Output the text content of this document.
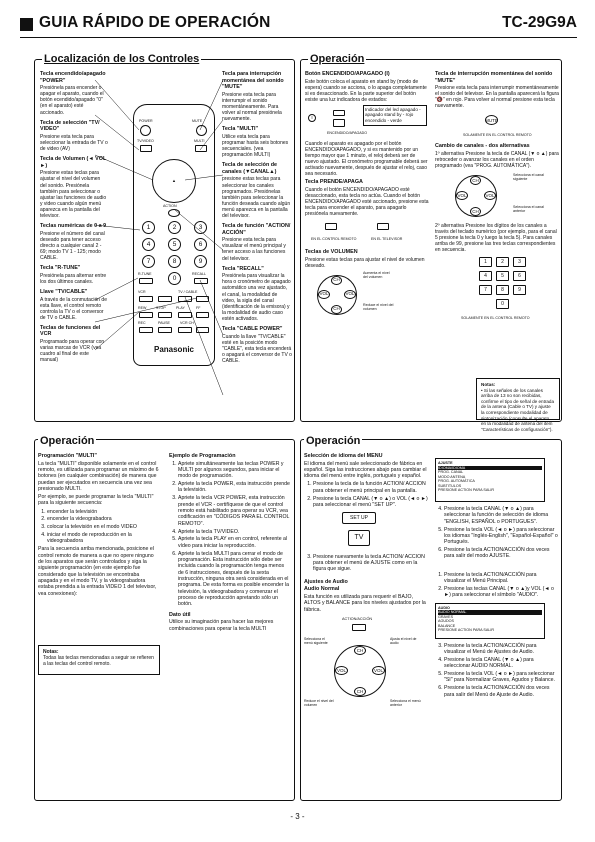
GUIA RÁPIDO DE OPERACIÓN	TC-29G9A
Localización de los Controles
Tecla encendido/apagado "POWER"

Presiónela para encender o apagar el aparato, cuando el botón ecendido/apagado "0" (en el aparato) esté accionado.

Tecla de selección "TV/ VIDEO"

Presione esta tecla para seleccionar la entrada de TV o de video (AV)

Tecla de Volumen (◄ VOL ►)

Presione estas teclas para ajustar el nivel del volumen del sonido. Presiónela también para seleccionar o ajustar las funciones de audio y video cuando algún menú aparezca en la pantalla del televisor.

Teclas numéricas de 0 a 9

Presione el número del canal deseado para tener acceso directo a cualquier canal 2 - 69; modo TV 1 - 125; modo CABLE.

Tecla "R-TUNE"

Presiónela para alternar entre los dos últimos canales.

Llave "TV/CABLE"

A través de la conmutación de esta llave, el control remoto controla la TV o el conversor de TV o CABLE.

Teclas de funciones del VCR

Programado para operar con varias marcas de VCR (vea cuadro al final de este manual)

Tecla para interrupción momentánea del sonido "MUTE"

Presione esta tecla para interrumpir el sonido momentáneamente. Para volver al normal presiónela nuevamente.

Tecla "MULTI"

Utilice esta tecla para programar hasta seis botones secuenciales. (vea programación MULTI)

Tecla de selección de canales (▼CANAL▲)

presione estas teclas para seleccionar los canales programados. Presiónelas también para seleccionar la función deseada cuando algún menú aparezca en la pantalla del televisor.

Tecla de función "ACTION/ ACCIÓN"

Presione esta tecla para visualizar el menú principal y tener acceso a las funciones del televisor.

Tecla "RECALL"

Presiónela para visualizar la hora o cronómetro de apagado automático una vez ajustado, el canal, la modalidad de video, la sigla del canal (identificación de la emisora) y la modalidad de audio caso estén activados.

Tecla "CABLE POWER"

Cuando la llave "TV/CABLE" esté en la posición modo "CABLE", esta tecla encenderá o apagará el conversor de TV o CABLE.

POWER	MUTE
TV/VIDEO	MULTI
▲
ACTION
1	2	3
4	5	6
7	8	9
0
R-TUNE	RECALL
VCR	TV / CABLE
REW	STOP	PLAY	FF
REC	PAUSE	VCR CH
Panasonic
Operación
Botón ENCENDIDO/APAGADO (I)

Este botón coloca el aparato en stand by (modo de espera) cuando se acciona, o lo apaga completamente si es desaccionado. En la parte superior del botón existe una luz indicadora de estados:

I
Indicador del led apagado - apagado stand by - rojo encendido - verde
ENCENDIDO/APAGADO

Cuando el aparato es apagado por el botón ENCENDIDO/APAGADO, y si es mantenido por un tiempo mayor que 1 minuto, el reloj deberá ser de nuevo ajustado. El cronómetro programable deberá ser activado nuevamente, después de ajustar el reloj, caso sea necesario.

Tecla PRENDE/APAGA

Cuando el botón ENCENDIDO/APAGADO esté desaccionado, esta tecla no actúa. Cuando el botón ENCENDIDO/APAGADO esté accionado, presione esta tecla para encender el aparato, para apagarlo presiónela nuevamente.

EN EL CONTROL REMOTO	EN EL TELEVISOR
Teclas de VOLUMEN

Presione estas teclas para ajustar el nivel de volumen deseado.

CH
CH
VOL	VOL
Aumenta el nivel del volumen
Reduce el nivel del volumen
Tecla de interrupción momentánea del sonido "MUTE"

Presione esta tecla para interrumpir momentáneamente el sonido del televisor. En la pantalla aparecerá la figura "🔇" en rojo. Para volver al normal presione esta tecla nuevamente.

MUTE
SOLAMENTE EN EL CONTROL REMOTO
Cambio de canales - dos alternativas

1º alternativa Presione la tecla de CANAL (▼ o ▲) para retroceder o avanzar los canales en el orden programado (vea "PROG. AUTOMÁTICA").

CH
CH
VOL	VOL
Selecciona el canal siguiente
Selecciona el canal anterior

2º alternativa Presione los dígitos de los canales a través del teclado numérico (por ejemplo, para el canal 5 presione la tecla 0 y luego la tecla 5). Para canales arriba de 99, presione las tres teclas correspondientes en secuencia.

1	2	3
4	5	6
7	8	9
0
SOLAMENTE EN EL CONTROL REMOTO
Notas:
• Si las señales de los canales arriba de 13 no son recibidas, confirme el tipo de señal de entrada de la antena (Cable o TV) y ajuste la correspondiente modalidad de sintonización (consulte el aparato en la modalidad de antena del item "Características de configuración").
Operación
Programación "MULTI"

La tecla "MULTI" disponible solamente en el control remoto, es utilizada para programar un máximo de 6 botones (en cualquier combinación) de manera que puedan ser ejecutados en secuencia una vez sea presionado MULTI.

Por ejemplo, se puede programar la tecla "MULTI" para la siguiente secuencia:

1. encender la televisión
2. encender la videograbadora
3. colocar la televisión en el modo VIDEO
4. iniciar el modo de reproducción en la videograbadora

Para la secuencia arriba mencionada, posicione el control remoto de manera a que no opere ninguno de los aparatos que serán controlados y siga la siguiente programación (en este ejemplo fue considerado que la televisión se encontraba apagada y en el modo TV, y la videograbadora estaba prendida a la entrada VIDEO 1 del televisor, vea conexiones):

Notas:
Todas las teclas mencionadas a seguir se refieren a las teclas del control remoto.
Ejemplo de Programación
1. Apriete simultáneamente las teclas POWER y MULTI por algunos segundos, para iniciar el modo de programación.
2. Apriete la tecla POWER, esta instrucción prende la televisión.
3. Apriete la tecla VCR POWER, esta instrucción prende el VCR - certifíquese de que el control remoto está habilitado para operar su VCR, vea codificación en "CÓDIGOS PARA EL CONTROL REMOTO".
4. Apriete la tecla TV/VIDEO.
5. Apriete la tecla PLAY en en control, referente al vídeo para iniciar la reproducción.
6. Apriete la tecla MULTI para cerrar el modo de programación. Esta instrucción sólo debe ser incluida cuando la programación tenga menos de 6 instrucciones, después de la sexta instrucción, ninguna otra será considerada en el programa. De esta forma es posible encender la televisión, la videograbadora y comenzar el proceso de reproducción apretando sólo un botón.
Dato útil

Utilice su imaginación para hacer las mejores combinaciones para operar la tecla MULTI

Operación
Selección de idioma del MENU

El idioma del menú sale seleccionado de fábrica en español. Siga las instrucciones abajo para cambiar el idioma del menú entre inglés, portugués y español.

1. Presione la tecla de la función ACTION/ ACCION para obtener el menú principal en la pantalla.
2. Presione la tecla CANAL (▼ o ▲) o VOL (◄ o ►) para seleccionar el menú "SET UP".
SET UP
TV
3. Presione nuevamente la tecla ACTION/ ACCION para obtener el menú de AJUSTE como en la figura que sigue.
Ajustes de Audio
Audio Normal

Esta función es utilizada para requerir el BAJO, ALTOS y BALANCE para los niveles ajustados por la fábrica.

ACTION/ACCIÓN
CH
CH
VOL	VOL
Selecciona el menú siguiente
Ajusta el nivel de audio
Reduce el nivel del volumen
Selecciona el menú anterior
AJUSTE
IDIOMA/IDIOMA
PROG. CANAL
MODO ANTENA
PROG. AUTOMÁTICA
SUBTITULOS
PRESIONE ACTION PARA SALIR
4. Presione la tecla CANAL (▼ o ▲) para seleccionar la función de selección de idioma "ENGLISH, ESPAÑOL o PORTUGUES".
5. Presione la tecla VOL (◄ o ►) para seleccionar los idiomas "Inglés-English", "Español-Español" o Portugués.
6. Presione la tecla ACTION/ACCIÓN dos veces para salir del modo AJUSTE.
1. Presione la tecla ACTION/ACCIÓN para visualizar el Menú Principal.
2. Presione las teclas CANAL (▼ o ▲)y VOL (◄ o ►) para seleccionar el símbolo "AUDIO".
AUDIO
AUDIO NORMAL
GRAVES
AGUDOS
BALANCE
PRESIONE ACTION PARA SALIR
3. Presione la tecla ACTION/ACCIÓN para visualizar el Menú de Ajustes de Audio.
4. Presione la tecla CANAL (▼ o ▲) para seleccionar AUDIO NORMAL.
5. Presione la tecla VOL (◄ o ►) para seleccionar "SI" para Normalizar Graves, Agudos y Balance.
6. Presione la tecla ACTION/ACCIÓN dos veces para salir del Menú de Ajuste de Audio.
- 3 -
